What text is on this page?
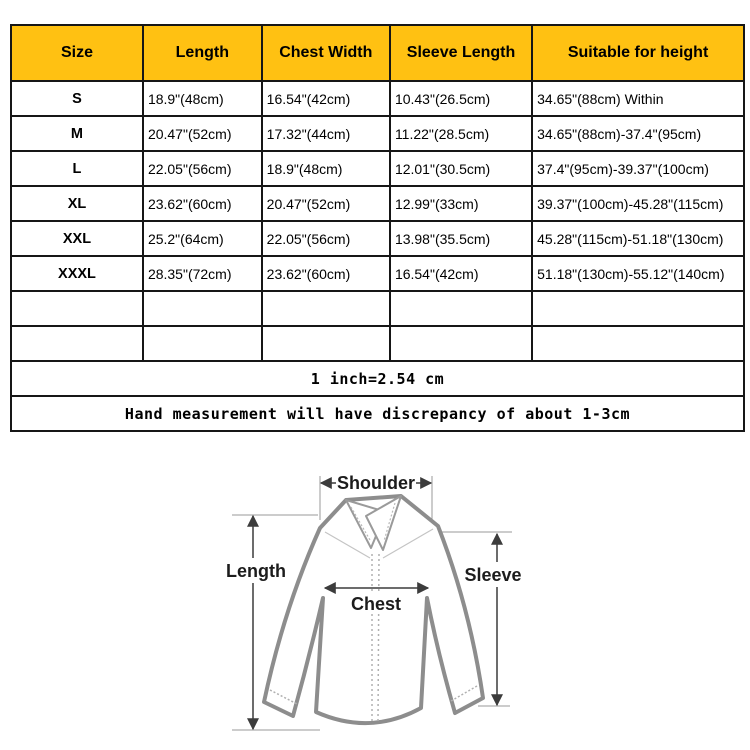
Size	Length	Chest Width	Sleeve Length	Suitable for height
S	18.9"(48cm)	16.54"(42cm)	10.43"(26.5cm)	34.65"(88cm) Within
M	20.47"(52cm)	17.32"(44cm)	11.22"(28.5cm)	34.65"(88cm)-37.4"(95cm)
L	22.05"(56cm)	18.9"(48cm)	12.01"(30.5cm)	37.4"(95cm)-39.37"(100cm)
XL	23.62"(60cm)	20.47"(52cm)	12.99"(33cm)	39.37"(100cm)-45.28"(115cm)
XXL	25.2"(64cm)	22.05"(56cm)	13.98"(35.5cm)	45.28"(115cm)-51.18"(130cm)
XXXL	28.35"(72cm)	23.62"(60cm)	16.54"(42cm)	51.18"(130cm)-55.12"(140cm)

1 inch=2.54 cm				
Hand measurement will have discrepancy of about 1-3cm				
Shoulder
Length	Sleeve
Chest
